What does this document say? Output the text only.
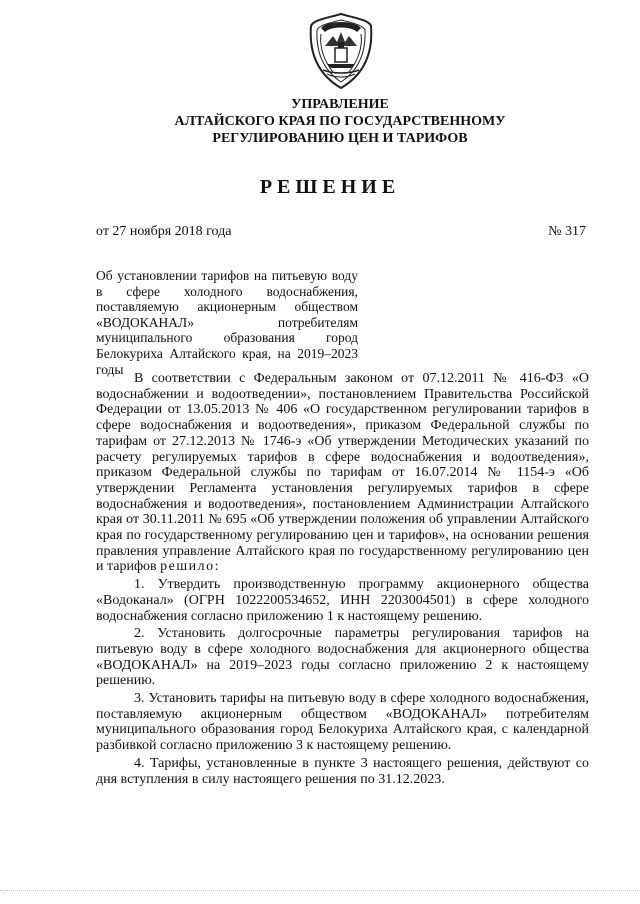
УПРАВЛЕНИЕ
АЛТАЙСКОГО КРАЯ ПО ГОСУДАРСТВЕННОМУ
РЕГУЛИРОВАНИЮ ЦЕН И ТАРИФОВ
РЕШЕНИЕ
от 27 ноября 2018 года	№ 317
Об установлении тарифов на питьевую воду в сфере холодного водоснабжения, поставляемую акционерным обществом «ВОДОКАНАЛ» потребителям муниципального образования город Белокуриха Алтайского края, на 2019–2023 годы

В соответствии с Федеральным законом от 07.12.2011 № 416-ФЗ «О водоснабжении и водоотведении», постановлением Правительства Российской Федерации от 13.05.2013 № 406 «О государственном регулировании тарифов в сфере водоснабжения и водоотведения», приказом Федеральной службы по тарифам от 27.12.2013 № 1746-э «Об утверждении Методических указаний по расчету регулируемых тарифов в сфере водоснабжения и водоотведения», приказом Федеральной службы по тарифам от 16.07.2014 № 1154-э «Об утверждении Регламента установления регулируемых тарифов в сфере водоснабжения и водоотведения», постановлением Администрации Алтайского края от 30.11.2011 № 695 «Об утверждении положения об управлении Алтайского края по государственному регулированию цен и тарифов», на основании решения правления управление Алтайского края по государственному регулированию цен и тарифов решило:

1. Утвердить производственную программу акционерного общества «Водоканал» (ОГРН 1022200534652, ИНН 2203004501) в сфере холодного водоснабжения согласно приложению 1 к настоящему решению.

2. Установить долгосрочные параметры регулирования тарифов на питьевую воду в сфере холодного водоснабжения для акционерного общества «ВОДОКАНАЛ» на 2019–2023 годы согласно приложению 2 к настоящему решению.

3. Установить тарифы на питьевую воду в сфере холодного водоснабжения, поставляемую акционерным обществом «ВОДОКАНАЛ» потребителям муниципального образования город Белокуриха Алтайского края, с календарной разбивкой согласно приложению 3 к настоящему решению.

4. Тарифы, установленные в пункте 3 настоящего решения, действуют со дня вступления в силу настоящего решения по 31.12.2023.
